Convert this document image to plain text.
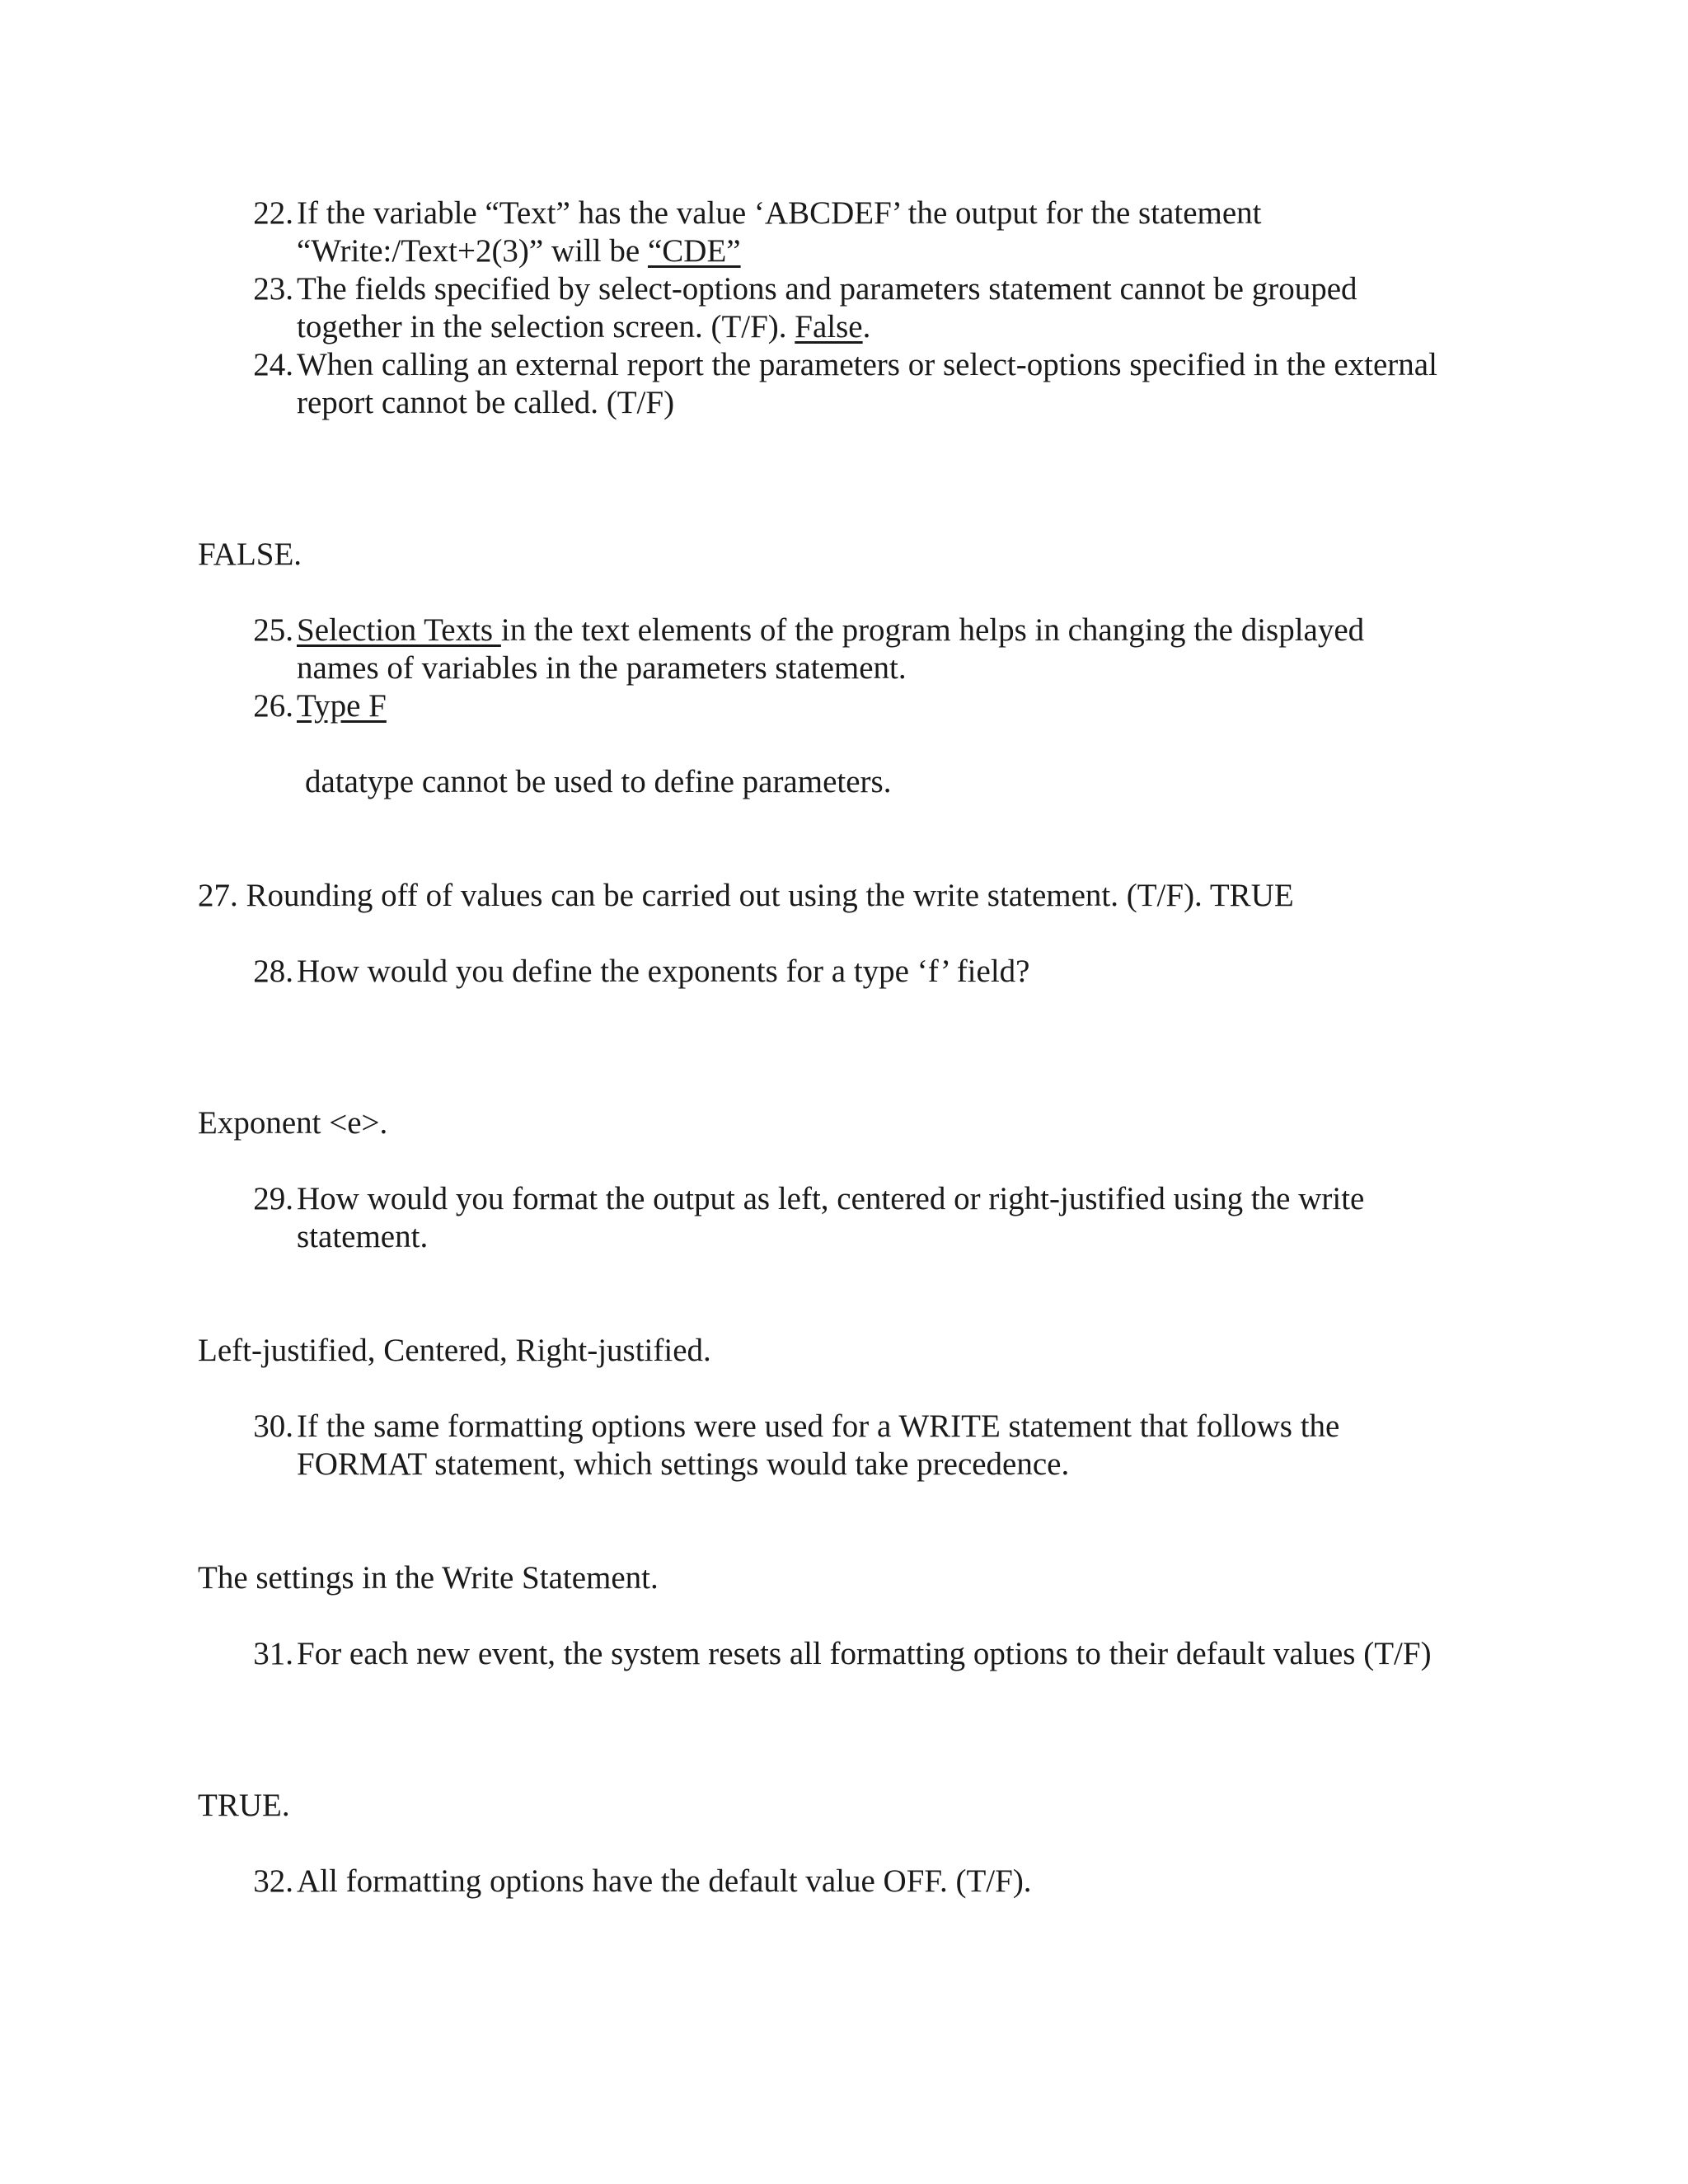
22. If the variable “Text” has the value ‘ABCDEF’ the output for the statement
“Write:/Text+2(3)” will be “CDE”
23. The fields specified by select-options and parameters statement cannot be grouped
together in the selection screen. (T/F). False.
24. When calling an external report the parameters or select-options specified in the external
report cannot be called. (T/F)
FALSE.
25. Selection Texts in the text elements of the program helps in changing the displayed
names of variables in the parameters statement.
26. Type F
datatype cannot be used to define parameters.
27. Rounding off of values can be carried out using the write statement. (T/F). TRUE
28. How would you define the exponents for a type ‘f’ field?
Exponent <e>.
29. How would you format the output as left, centered or right-justified using the write
statement.
Left-justified, Centered, Right-justified.
30. If the same formatting options were used for a WRITE statement that follows the
FORMAT statement, which settings would take precedence.
The settings in the Write Statement.
31. For each new event, the system resets all formatting options to their default values (T/F)
TRUE.
32. All formatting options have the default value OFF. (T/F).
